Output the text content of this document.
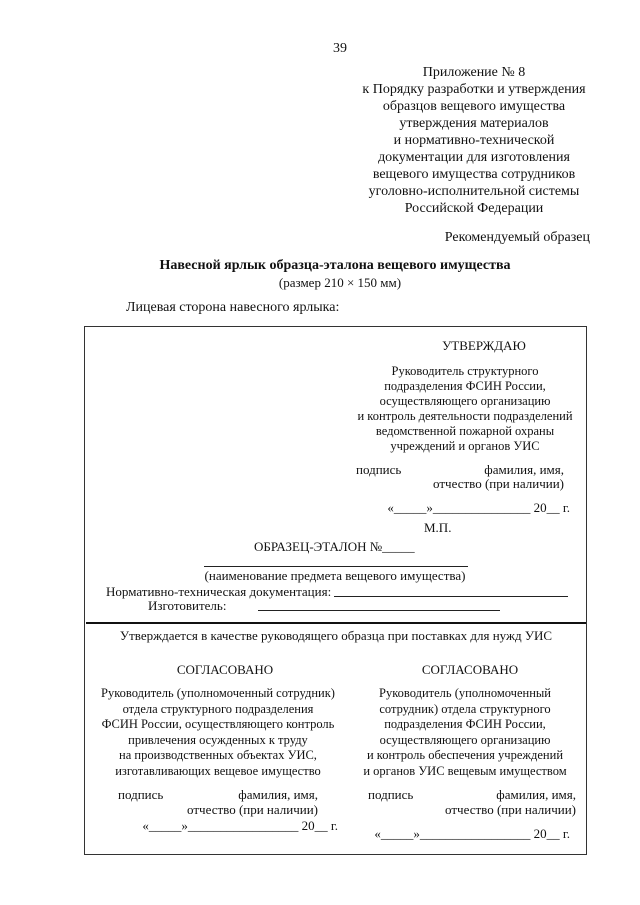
39
Приложение № 8
к Порядку разработки и утверждения
образцов вещевого имущества
утверждения материалов
и нормативно-технической
документации для изготовления
вещевого имущества сотрудников
уголовно-исполнительной системы
Российской Федерации
Рекомендуемый образец
Навесной ярлык образца-эталона вещевого имущества
(размер 210 × 150 мм)
Лицевая сторона навесного ярлыка:
УТВЕРЖДАЮ
Руководитель структурного
подразделения ФСИН России,
осуществляющего организацию
и контроль деятельности подразделений
ведомственной пожарной охраны
учреждений и органов УИС
подпись	фамилия, имя,
отчество (при наличии)
«_____»_______________ 20__ г.
М.П.
ОБРАЗЕЦ-ЭТАЛОН №_____
(наименование предмета вещевого имущества)
Нормативно-техническая документация:
Изготовитель:
Утверждается в качестве руководящего образца при поставках для нужд УИС
СОГЛАСОВАНО
Руководитель (уполномоченный сотрудник)
отдела структурного подразделения
ФСИН России, осуществляющего контроль
привлечения осужденных к труду
на производственных объектах УИС,
изготавливающих вещевое имущество
подпись	фамилия, имя,
отчество (при наличии)
«_____»_________________ 20__ г.
СОГЛАСОВАНО
Руководитель (уполномоченный
сотрудник) отдела структурного
подразделения ФСИН России,
осуществляющего организацию
и контроль обеспечения учреждений
и органов УИС вещевым имуществом
подпись	фамилия, имя,
отчество (при наличии)
«_____»_________________ 20__ г.
